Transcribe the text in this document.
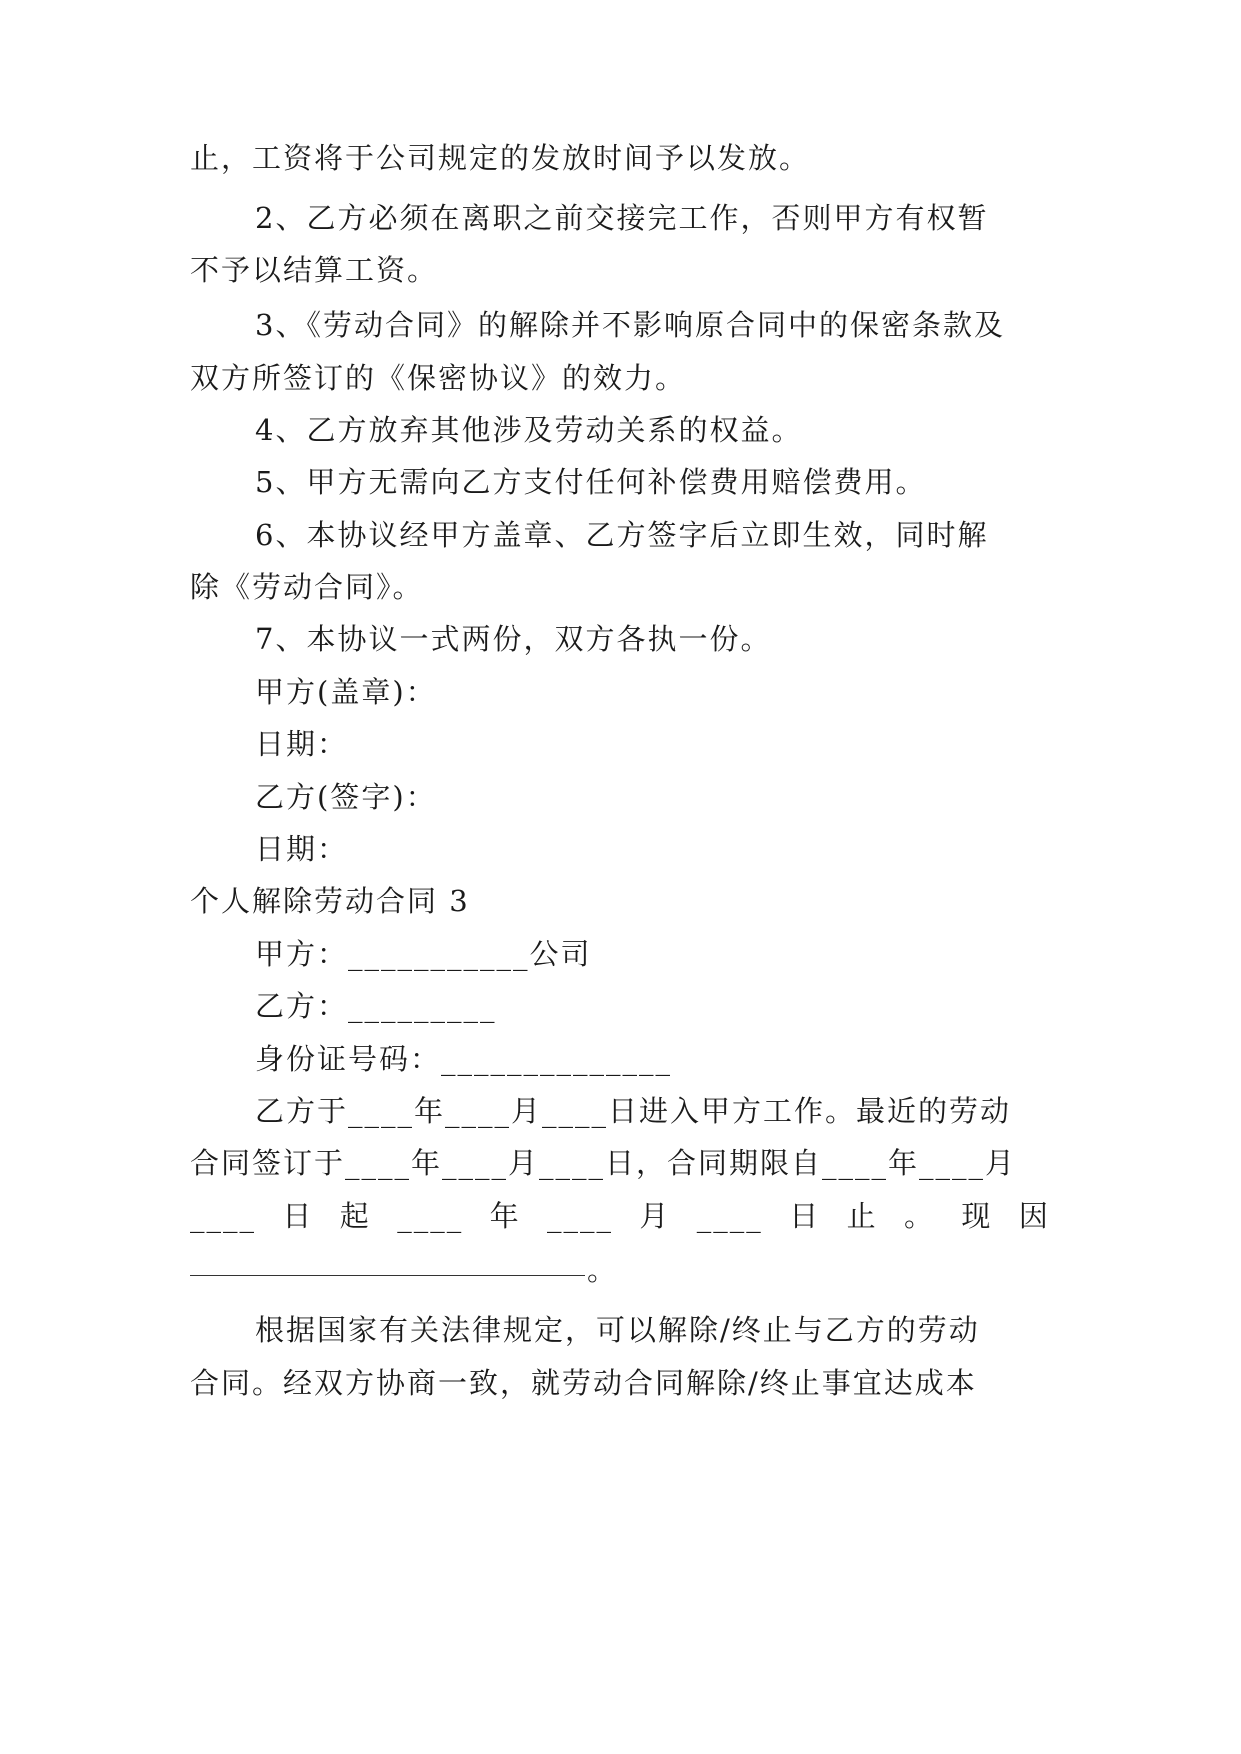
止，工资将于公司规定的发放时间予以发放。
2、乙方必须在离职之前交接完工作，否则甲方有权暂
不予以结算工资。
3、《劳动合同》的解除并不影响原合同中的保密条款及
双方所签订的《保密协议》的效力。
4、乙方放弃其他涉及劳动关系的权益。
5、甲方无需向乙方支付任何补偿费用赔偿费用。
6、本协议经甲方盖章、乙方签字后立即生效，同时解
除《劳动合同》。
7、本协议一式两份，双方各执一份。
甲方(盖章)：
日期：
乙方(签字)：
日期：
个人解除劳动合同 3
甲方：___________公司
乙方：_________
身份证号码：______________
乙方于____年____月____日进入甲方工作。最近的劳动
合同签订于____年____月____日，合同期限自____年____月
____ 日 起 ____ 年 ____ 月 ____ 日 止 。 现 因
。
根据国家有关法律规定，可以解除/终止与乙方的劳动
合同。经双方协商一致，就劳动合同解除/终止事宜达成本
